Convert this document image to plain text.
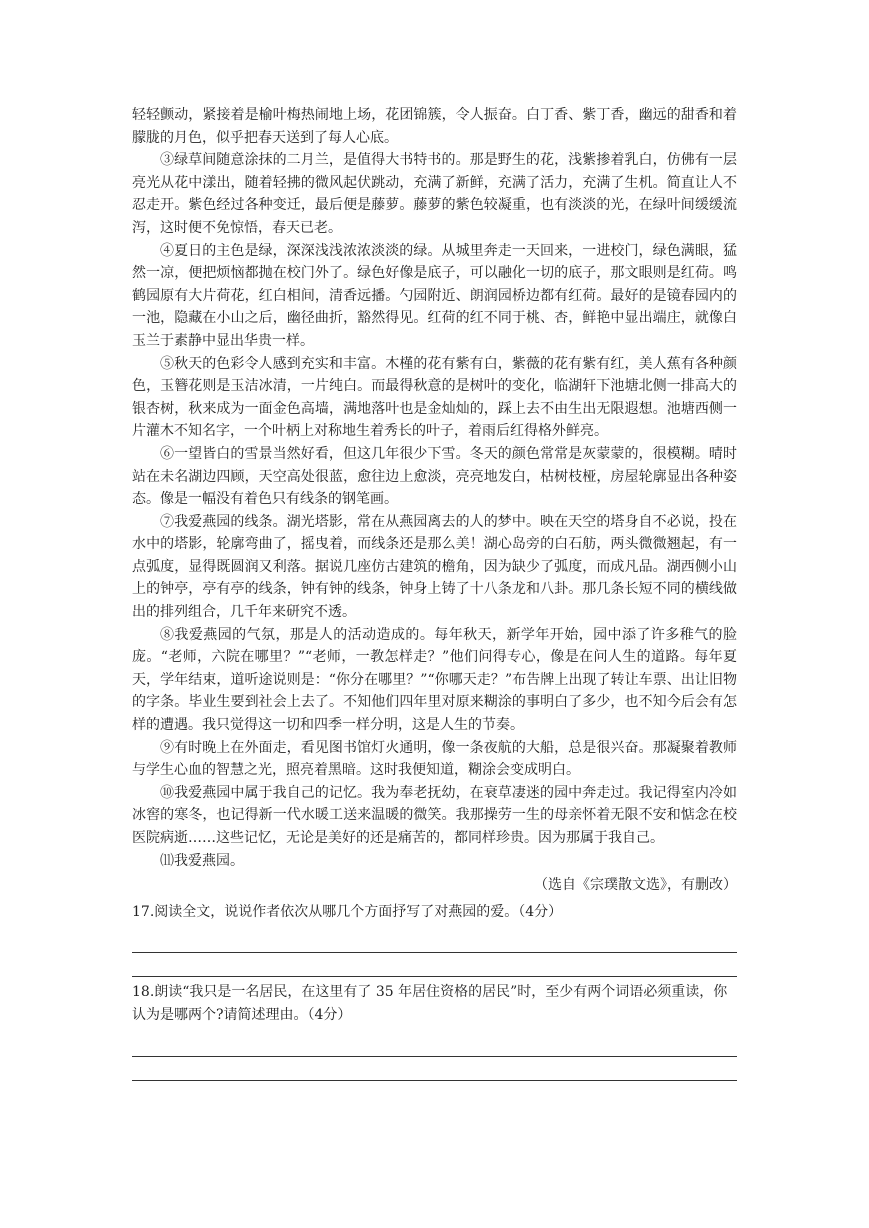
轻轻颤动，紧接着是榆叶梅热闹地上场，花团锦簇，令人振奋。白丁香、紫丁香，幽远的甜香和着朦胧的月色，似乎把春天送到了每人心底。

③绿草间随意涂抹的二月兰，是值得大书特书的。那是野生的花，浅紫掺着乳白，仿佛有一层亮光从花中漾出，随着轻拂的微风起伏跳动，充满了新鲜，充满了活力，充满了生机。简直让人不忍走开。紫色经过各种变迁，最后便是藤萝。藤萝的紫色较凝重，也有淡淡的光，在绿叶间缓缓流泻，这时便不免惊悟，春天已老。

④夏日的主色是绿，深深浅浅浓浓淡淡的绿。从城里奔走一天回来，一进校门，绿色满眼，猛然一凉，便把烦恼都抛在校门外了。绿色好像是底子，可以融化一切的底子，那文眼则是红荷。鸣鹤园原有大片荷花，红白相间，清香远播。勺园附近、朗润园桥边都有红荷。最好的是镜春园内的一池，隐藏在小山之后，幽径曲折，豁然得见。红荷的红不同于桃、杏，鲜艳中显出端庄，就像白玉兰于素静中显出华贵一样。

⑤秋天的色彩令人感到充实和丰富。木槿的花有紫有白，紫薇的花有紫有红，美人蕉有各种颜色，玉簪花则是玉洁冰清，一片纯白。而最得秋意的是树叶的变化，临湖轩下池塘北侧一排高大的银杏树，秋来成为一面金色高墙，满地落叶也是金灿灿的，踩上去不由生出无限遐想。池塘西侧一片灌木不知名字，一个叶柄上对称地生着秀长的叶子，着雨后红得格外鲜亮。

⑥一望皆白的雪景当然好看，但这几年很少下雪。冬天的颜色常常是灰蒙蒙的，很模糊。晴时站在未名湖边四顾，天空高处很蓝，愈往边上愈淡，亮亮地发白，枯树枝桠，房屋轮廓显出各种姿态。像是一幅没有着色只有线条的钢笔画。

⑦我爱燕园的线条。湖光塔影，常在从燕园离去的人的梦中。映在天空的塔身自不必说，投在水中的塔影，轮廓弯曲了，摇曳着，而线条还是那么美！湖心岛旁的白石舫，两头微微翘起，有一点弧度，显得既圆润又利落。据说几座仿古建筑的檐角，因为缺少了弧度，而成凡品。湖西侧小山上的钟亭，亭有亭的线条，钟有钟的线条，钟身上铸了十八条龙和八卦。那几条长短不同的横线做出的排列组合，几千年来研究不透。

⑧我爱燕园的气氛，那是人的活动造成的。每年秋天，新学年开始，园中添了许多稚气的脸庞。“老师，六院在哪里？”“老师，一教怎样走？”他们问得专心，像是在问人生的道路。每年夏天，学年结束，道听途说则是：“你分在哪里？”“你哪天走？”布告牌上出现了转让车票、出让旧物的字条。毕业生要到社会上去了。不知他们四年里对原来糊涂的事明白了多少，也不知今后会有怎样的遭遇。我只觉得这一切和四季一样分明，这是人生的节奏。

⑨有时晚上在外面走，看见图书馆灯火通明，像一条夜航的大船，总是很兴奋。那凝聚着教师与学生心血的智慧之光，照亮着黑暗。这时我便知道，糊涂会变成明白。

⑩我爱燕园中属于我自己的记忆。我为奉老抚幼，在衰草凄迷的园中奔走过。我记得室内冷如冰窖的寒冬，也记得新一代水暖工送来温暖的微笑。我那操劳一生的母亲怀着无限不安和惦念在校医院病逝……这些记忆，无论是美好的还是痛苦的，都同样珍贵。因为那属于我自己。

⑾我爱燕园。

（选自《宗璞散文选》，有删改）

17.阅读全文，说说作者依次从哪几个方面抒写了对燕园的爱。（4分）

18.朗读“我只是一名居民，在这里有了 35 年居住资格的居民”时，至少有两个词语必须重读，你认为是哪两个?请简述理由。（4分）
